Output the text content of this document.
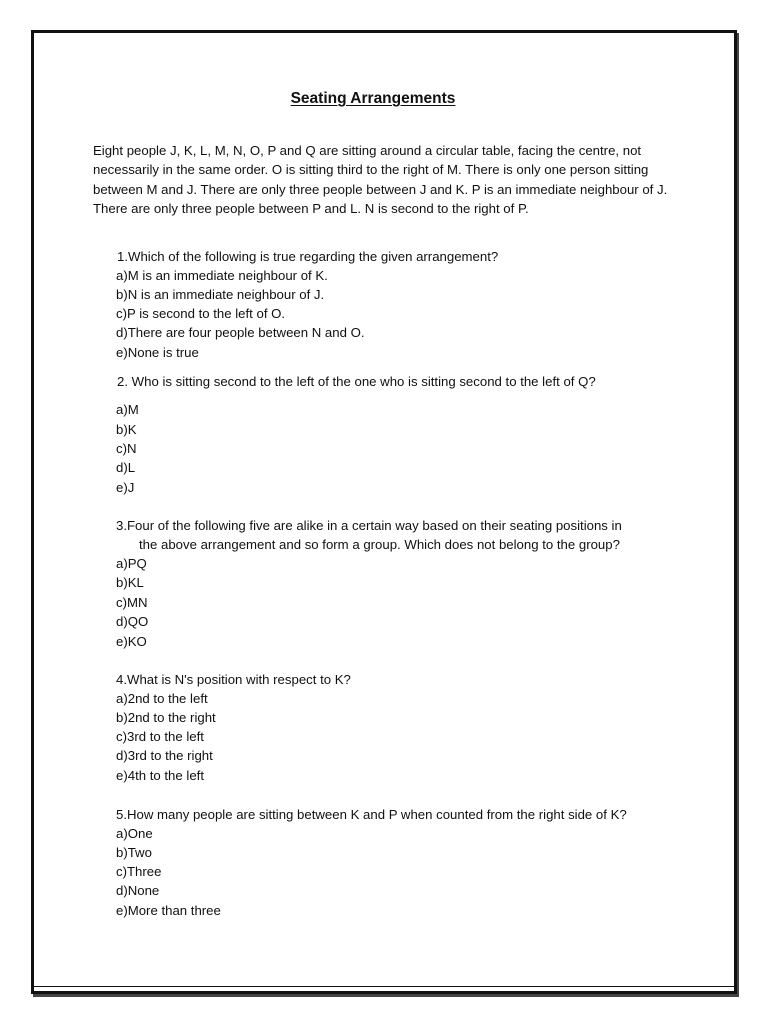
Seating Arrangements
Eight people J, K, L, M, N, O, P and Q are sitting around a circular table, facing the centre, not necessarily in the same order. O is sitting third to the right of M. There is only one person sitting between M and J. There are only three people between J and K. P is an immediate neighbour of J. There are only three people between P and L. N is second to the right of P.
1.Which of the following is true regarding the given arrangement?
a)M is an immediate neighbour of K.
b)N is an immediate neighbour of J.
c)P is second to the left of O.
d)There are four people between N and O.
e)None is true
2. Who is sitting second to the left of the one who is sitting second to the left of Q?
a)M
b)K
c)N
d)L
e)J
3.Four of the following five are alike in a certain way based on their seating positions in
the above arrangement and so form a group. Which does not belong to the group?
a)PQ
b)KL
c)MN
d)QO
e)KO
4.What is N's position with respect to K?
a)2nd to the left
b)2nd to the right
c)3rd to the left
d)3rd to the right
e)4th to the left
5.How many people are sitting between K and P when counted from the right side of K?
a)One
b)Two
c)Three
d)None
e)More than three
